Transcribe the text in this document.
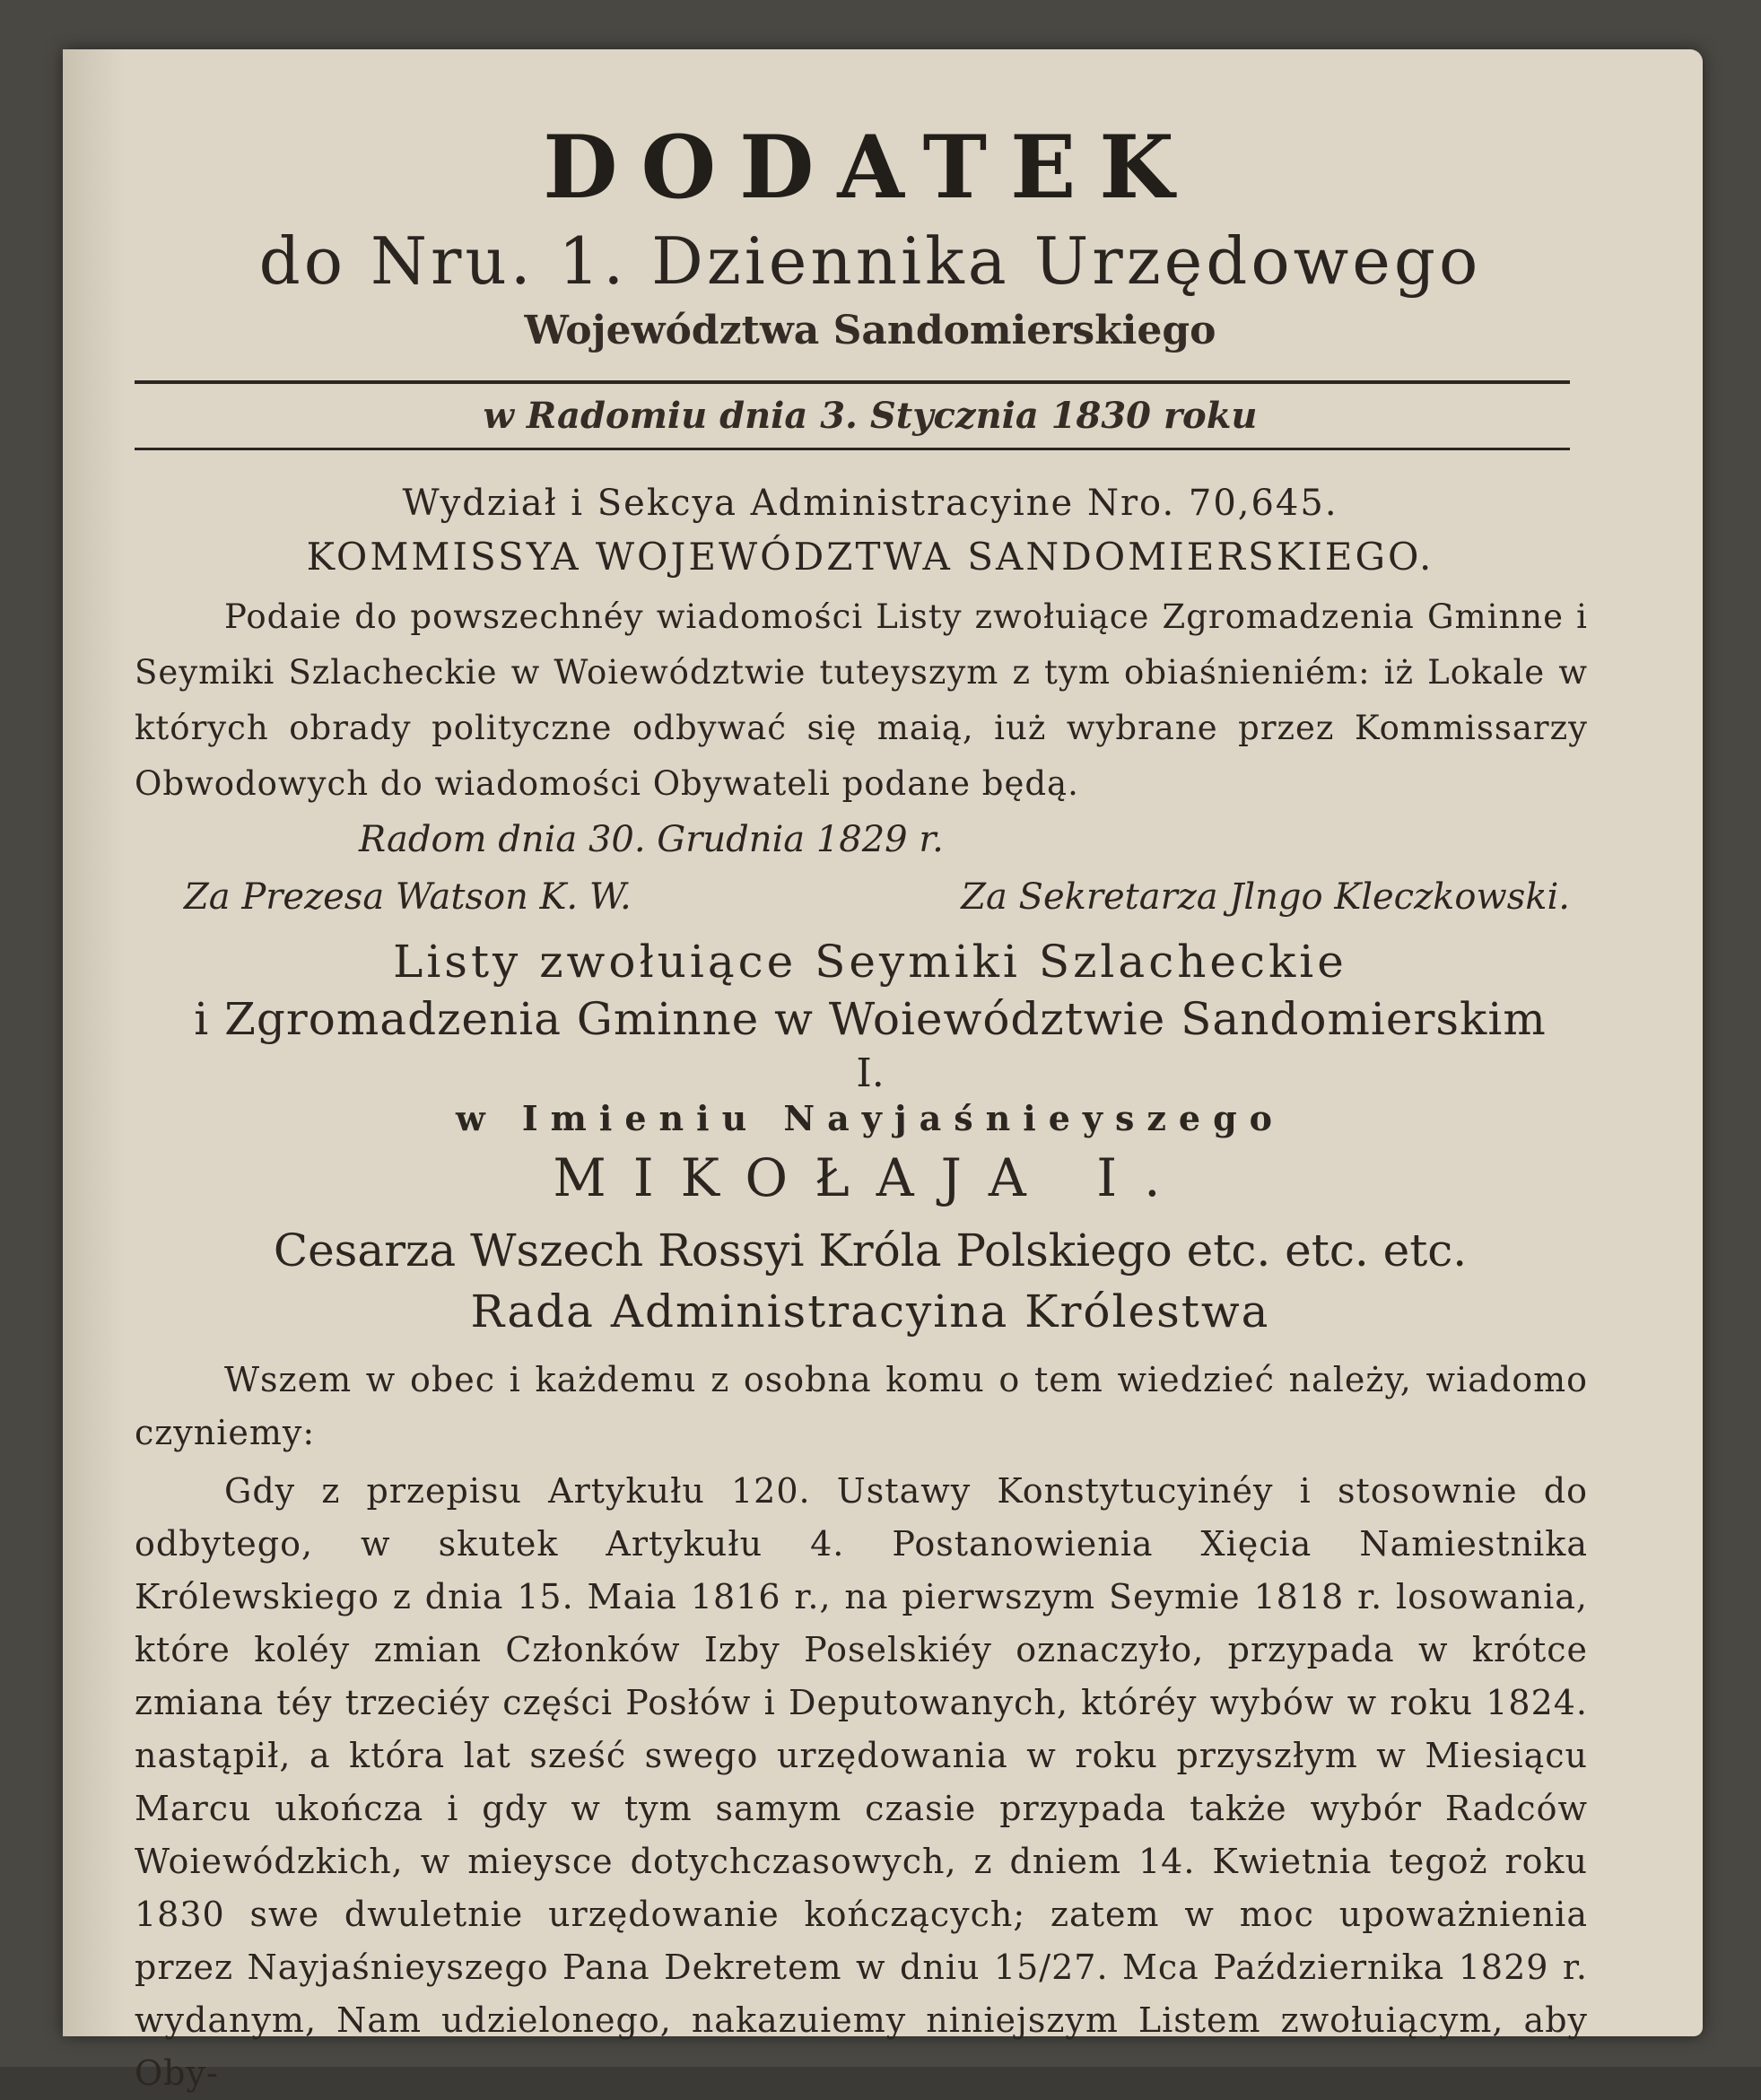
DODATEK
do Nru. 1. Dziennika Urzędowego
Województwa Sandomierskiego
w Radomiu dnia 3. Stycznia 1830 roku
Wydział i Sekcya Administracyine Nro. 70,645.
KOMMISSYA WOJEWÓDZTWA SANDOMIERSKIEGO.
Podaie do powszechnéy wiadomości Listy zwołuiące Zgromadzenia Gminne i Seymiki Szlacheckie w Woiewództwie tuteyszym z tym obiaśnieniém: iż Lokale w których obrady polityczne odbywać się maią, iuż wybrane przez Kommissarzy Obwodowych do wiadomości Obywateli podane będą.
Radom dnia 30. Grudnia 1829 r.
Za Prezesa Watson K. W.	Za Sekretarza Jlngo Kleczkowski.
Listy zwołuiące Seymiki Szlacheckie
i Zgromadzenia Gminne w Woiewództwie Sandomierskim
I.
w Imieniu Nayjaśnieyszego
MIKOŁAJA I.
Cesarza Wszech Rossyi Króla Polskiego etc. etc. etc.
Rada Administracyina Królestwa
Wszem w obec i każdemu z osobna komu o tem wiedzieć należy, wiadomo czyniemy:
Gdy z przepisu Artykułu 120. Ustawy Konstytucyinéy i stosownie do odbytego, w skutek Artykułu 4. Postanowienia Xięcia Namiestnika Królewskiego z dnia 15. Maia 1816 r., na pierwszym Seymie 1818 r. losowania, które koléy zmian Członków Izby Poselskiéy oznaczyło, przypada w krótce zmiana téy trzeciéy części Posłów i Deputowanych, któréy wybów w roku 1824. nastąpił, a która lat sześć swego urzędowania w roku przyszłym w Miesiącu Marcu ukończa i gdy w tym samym czasie przypada także wybór Radców Woiewódzkich, w mieysce dotychczasowych, z dniem 14. Kwietnia tegoż roku 1830 swe dwuletnie urzędowanie kończących; zatem w moc upoważnienia przez Nayjaśnieyszego Pana Dekretem w dniu 15/27. Mca Października 1829 r. wydanym, Nam udzielonego, nakazuiemy niniejszym Listem zwołuiącym, aby Oby-
